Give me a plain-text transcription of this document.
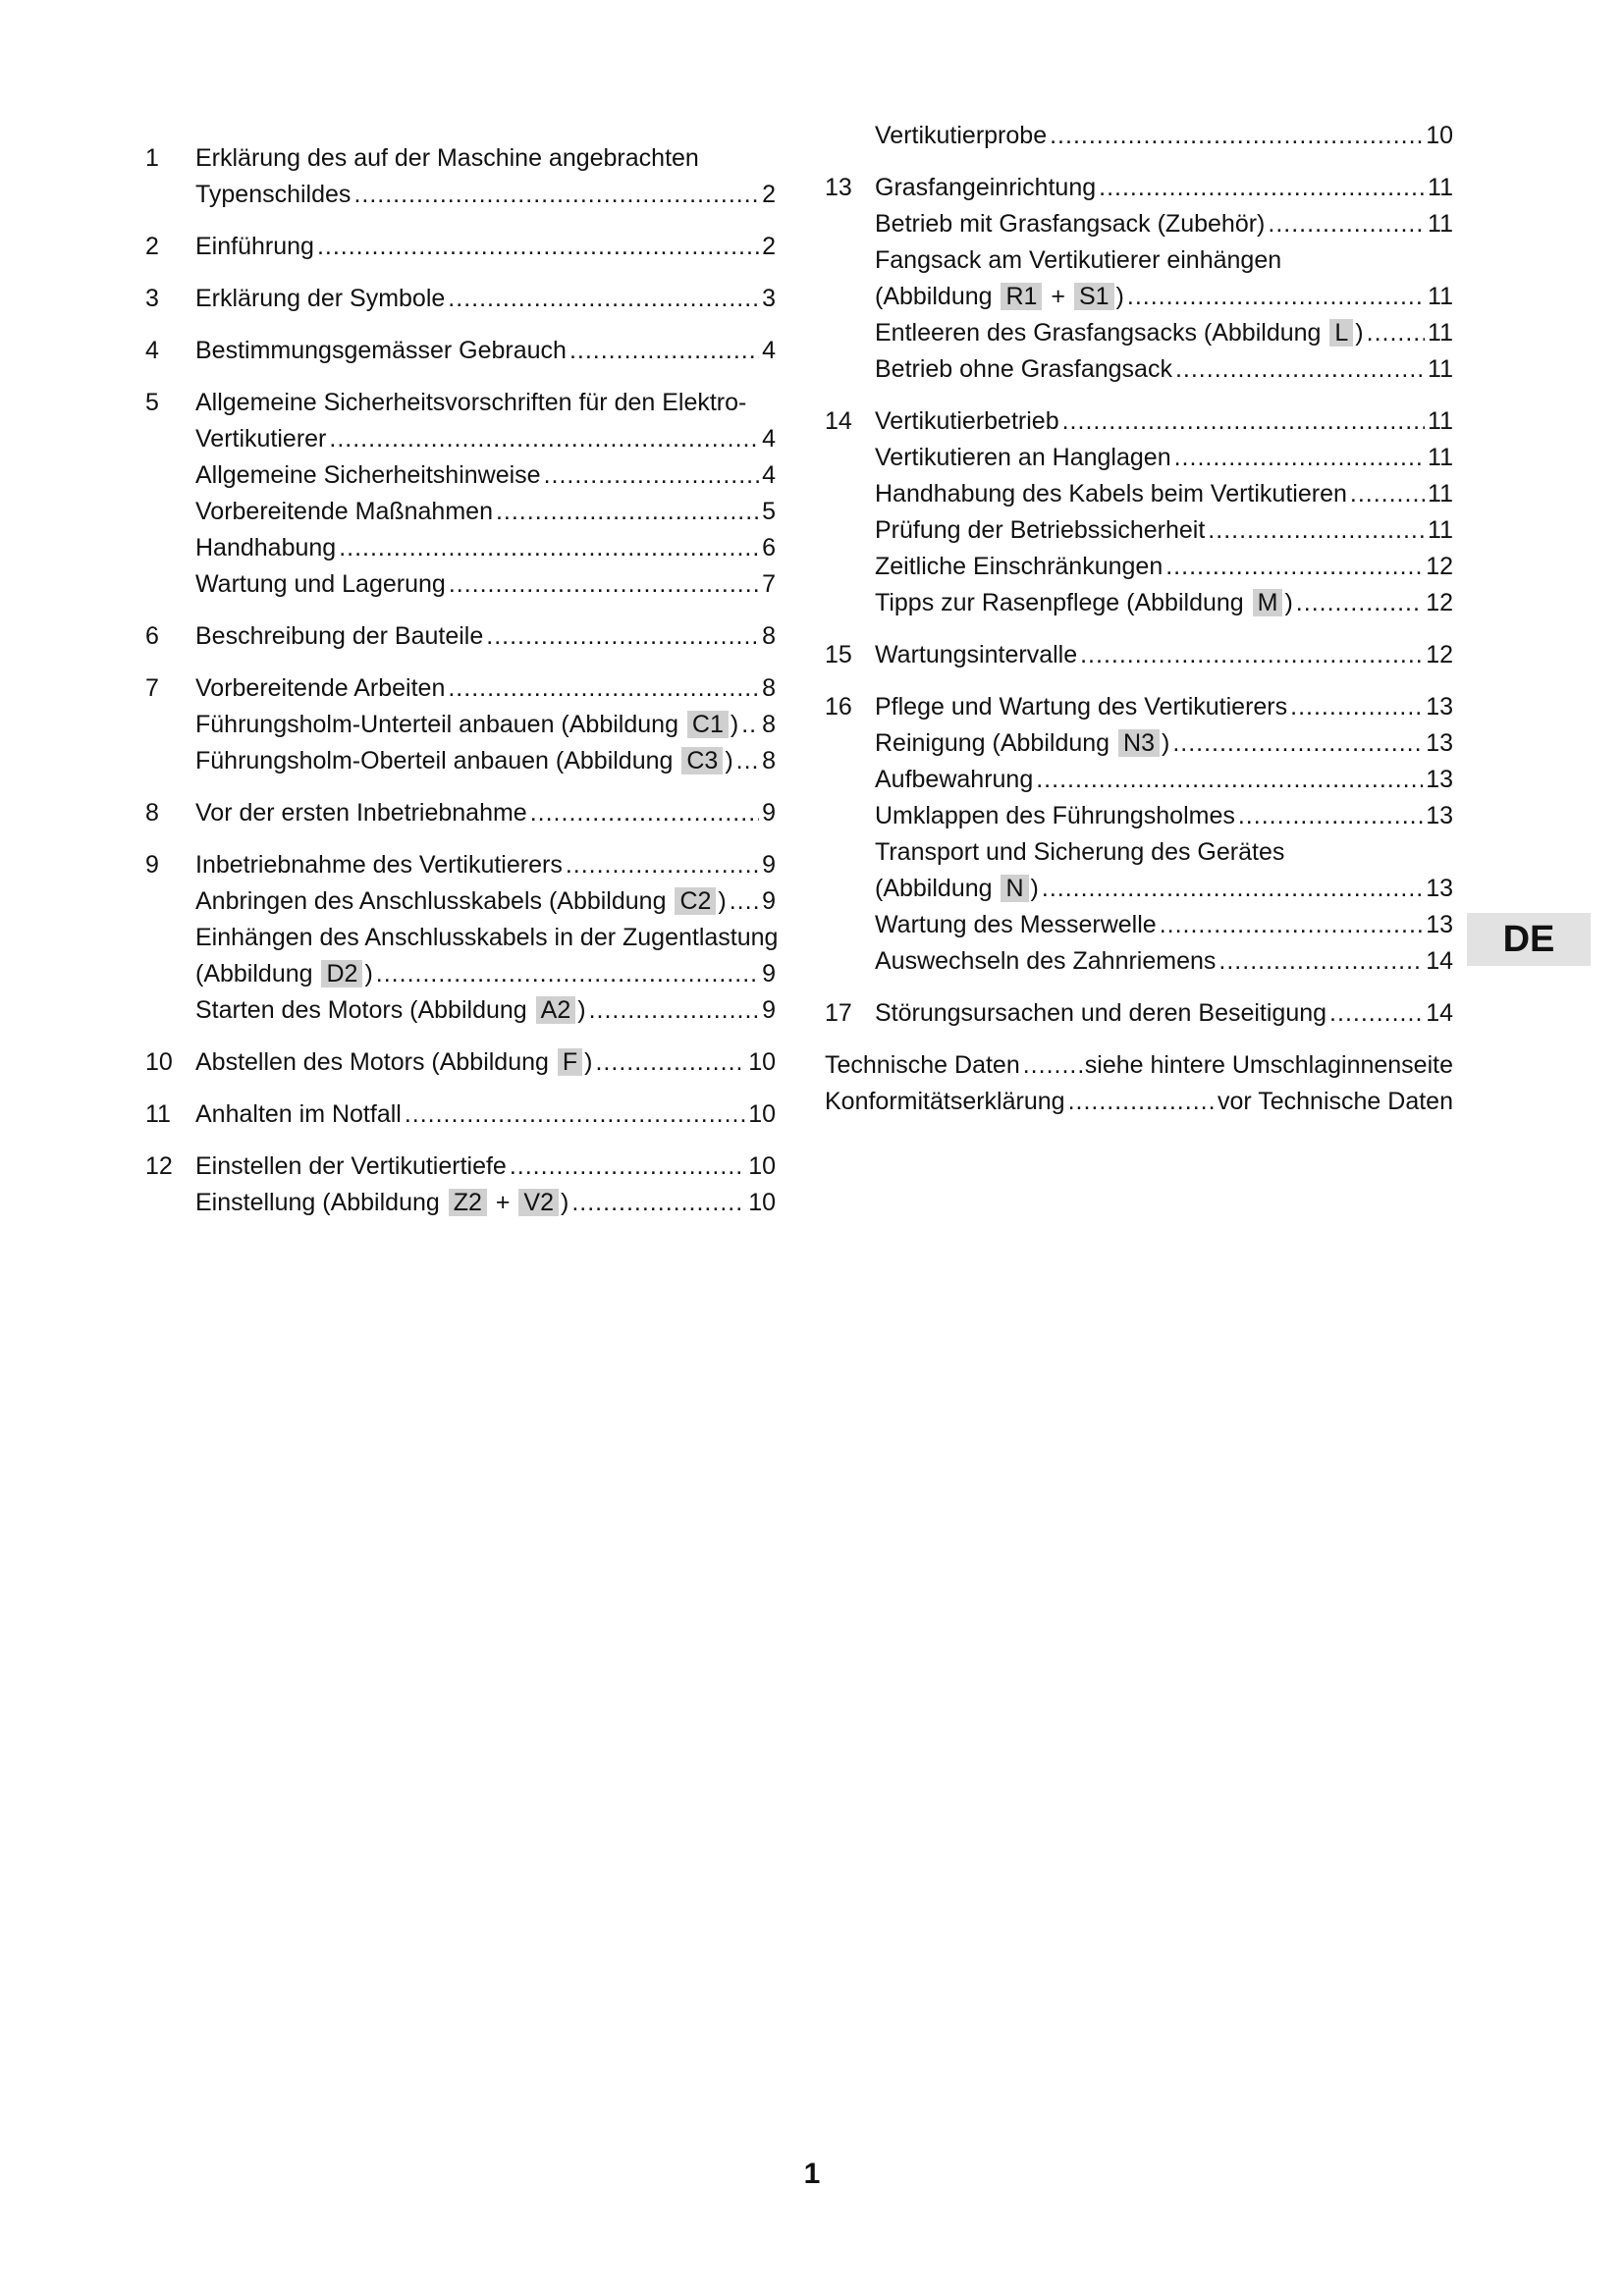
1 Erklärung des auf der Maschine angebrachten
Typenschildes .....	2
2 Einführung .....	2
3 Erklärung der Symbole .....	3
4 Bestimmungsgemässer Gebrauch .....	4
5 Allgemeine Sicherheitsvorschriften für den Elektro-
Vertikutierer .....	4
Allgemeine Sicherheitshinweise .....	4
Vorbereitende Maßnahmen .....	5
Handhabung .....	6
Wartung und Lagerung .....	7
6 Beschreibung der Bauteile .....	8
7 Vorbereitende Arbeiten .....	8
Führungsholm-Unterteil anbauen (Abbildung C1 ) ..... 8
Führungsholm-Oberteil anbauen (Abbildung C3 ) ..... 8
8 Vor der ersten Inbetriebnahme .....	9
9 Inbetriebnahme des Vertikutierers .....	9
Anbringen des Anschlusskabels (Abbildung C2 ) ..... 9
Einhängen des Anschlusskabels in der Zugentlastung
(Abbildung D2 ) .....	9
Starten des Motors (Abbildung A2 ) .....	9
10 Abstellen des Motors (Abbildung F ) .....	10
11 Anhalten im Notfall .....	10
12 Einstellen der Vertikutiertiefe .....	10
Einstellung (Abbildung Z2 + V2 ) .....	10
Vertikutierprobe .....	10
13 Grasfangeinrichtung .....	11
Betrieb mit Grasfangsack (Zubehör) .....	11
Fangsack am Vertikutierer einhängen
(Abbildung R1 + S1 ) .....	11
Entleeren des Grasfangsacks (Abbildung L ) .....	11
Betrieb ohne Grasfangsack .....	11
14 Vertikutierbetrieb .....	11
Vertikutieren an Hanglagen .....	11
Handhabung des Kabels beim Vertikutieren .....	11
Prüfung der Betriebssicherheit .....	11
Zeitliche Einschränkungen .....	12
Tipps zur Rasenpflege (Abbildung M ) .....	12
15 Wartungsintervalle .....	12
16 Pflege und Wartung des Vertikutierers .....	13
Reinigung (Abbildung N3 ) .....	13
Aufbewahrung .....	13
Umklappen des Führungsholmes .....	13
Transport und Sicherung des Gerätes
(Abbildung N ) .....	13
Wartung des Messerwelle .....	13
Auswechseln des Zahnriemens .....	14
17 Störungsursachen und deren Beseitigung .....	14
Technische Daten .....	siehe hintere Umschlaginnenseite
Konformitätserklärung .....	vor Technische Daten
DE
1
